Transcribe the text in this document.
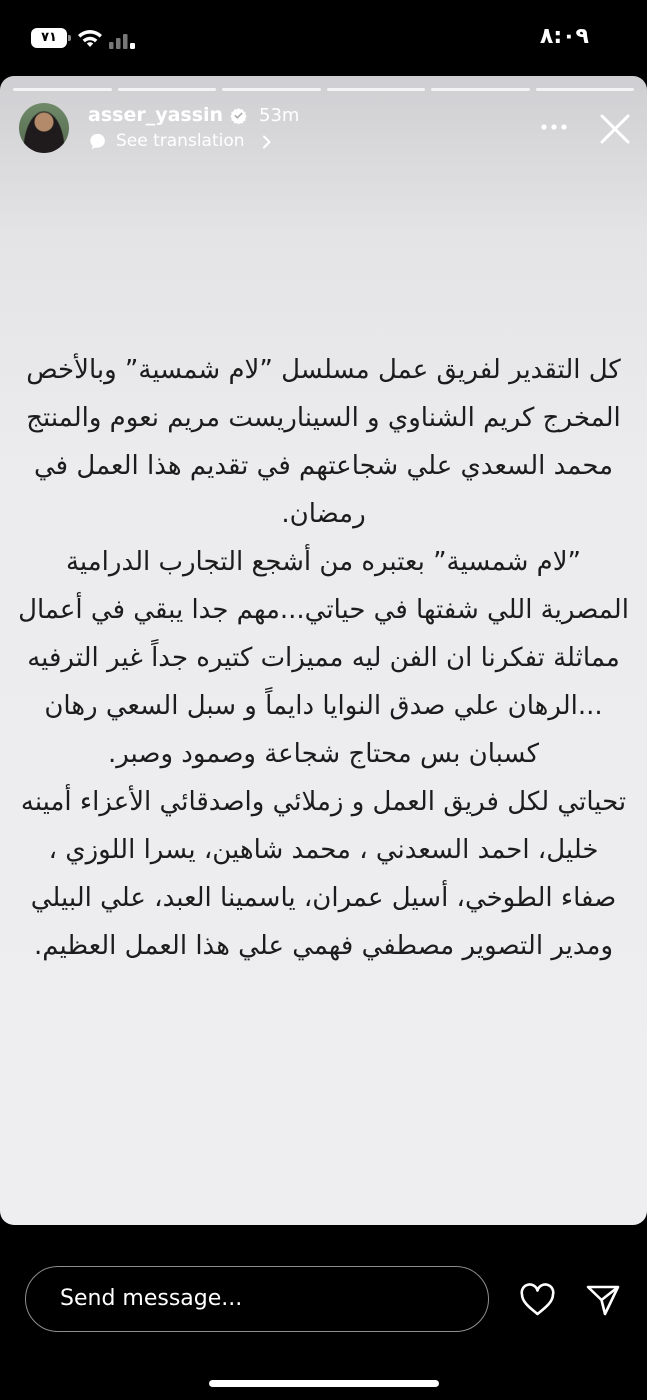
٧١	٨:٠٩
asser_yassin 53m
See translation

كل التقدير لفريق عمل مسلسل ”لام شمسية” وبالأخص المخرج كريم الشناوي و السيناريست مريم نعوم والمنتج محمد السعدي علي شجاعتهم في تقديم هذا العمل في رمضان.

”لام شمسية” بعتبره من أشجع التجارب الدرامية المصرية اللي شفتها في حياتي...مهم جدا يبقي في أعمال مماثلة تفكرنا ان الفن ليه مميزات كتيره جداً غير الترفيه ...الرهان علي صدق النوايا دايماً و سبل السعي رهان كسبان بس محتاج شجاعة وصمود وصبر.

تحياتي لكل فريق العمل و زملائي واصدقائي الأعزاء أمينه خليل، احمد السعدني ، محمد شاهين، يسرا اللوزي ، صفاء الطوخي، أسيل عمران، ياسمينا العبد، علي البيلي ومدير التصوير مصطفي فهمي علي هذا العمل العظيم.

Send message...
